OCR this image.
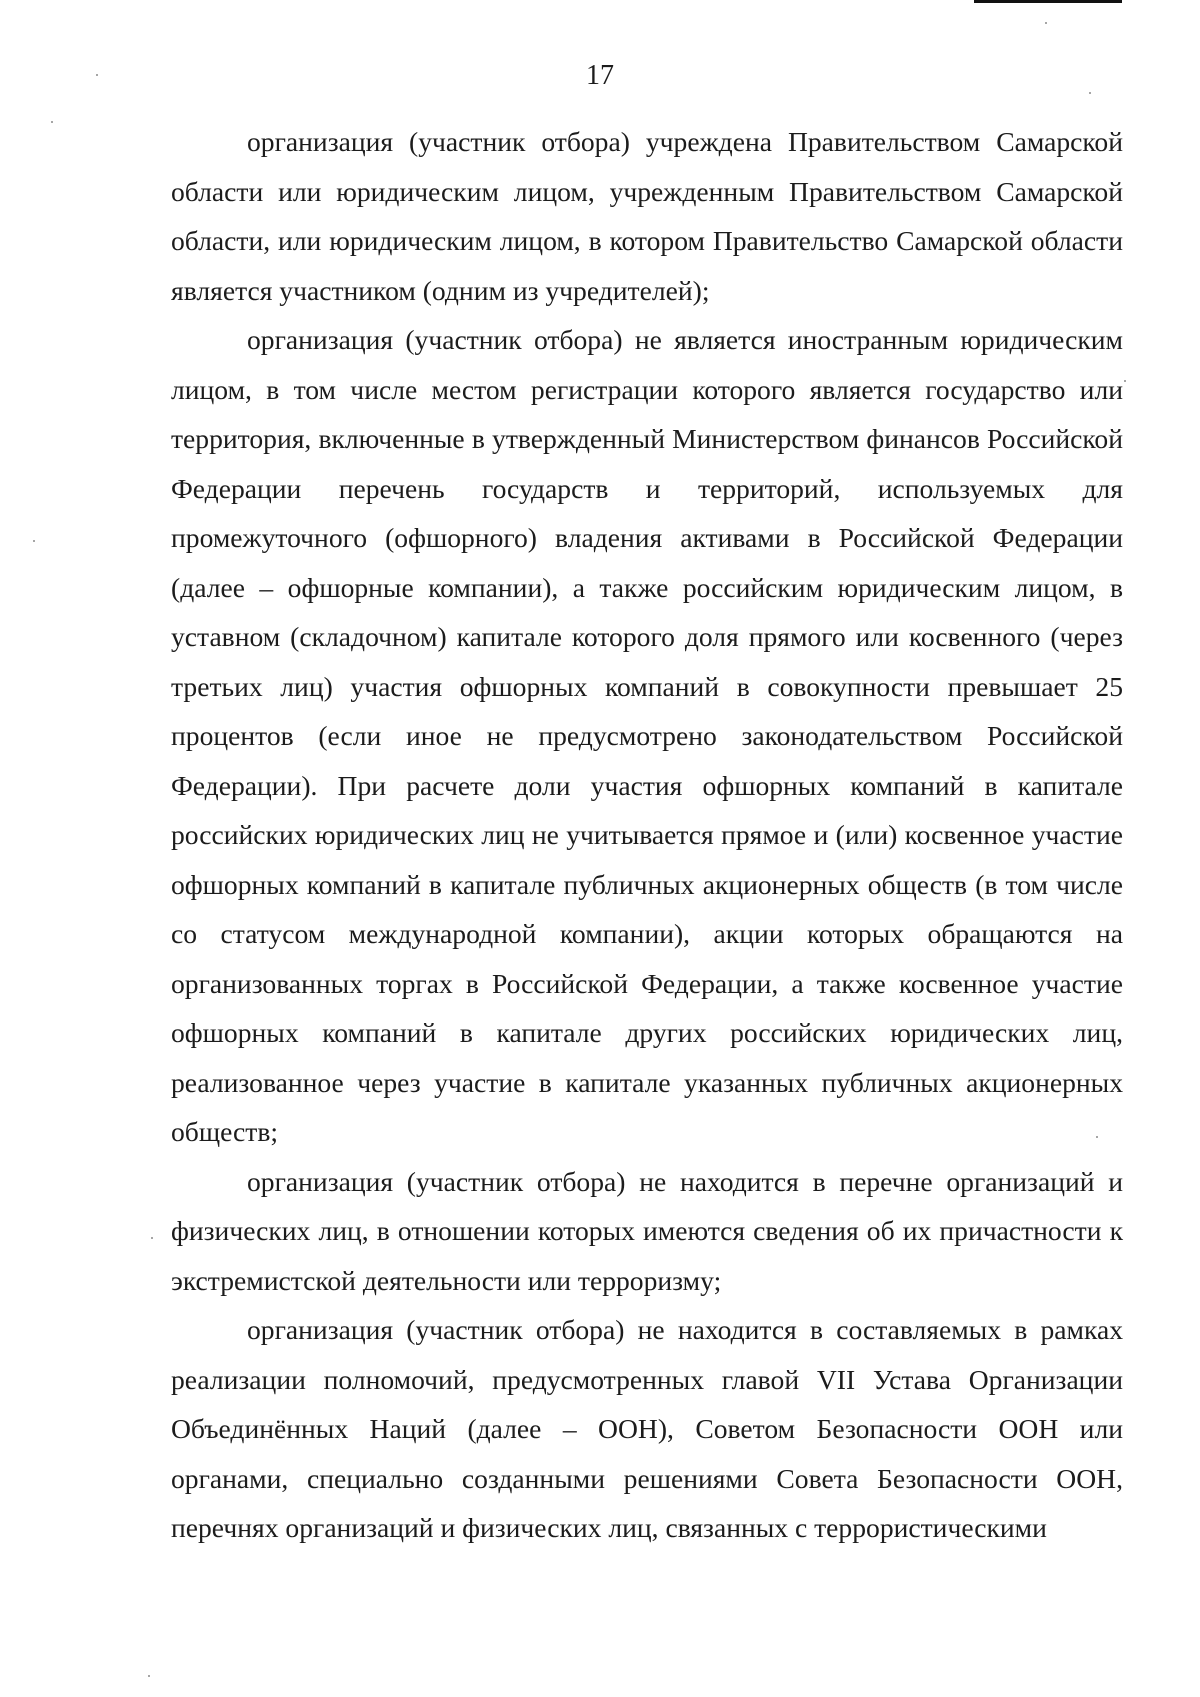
17

организация (участник отбора) учреждена Правительством Самарской области или юридическим лицом, учрежденным Правительством Самарской области, или юридическим лицом, в котором Правительство Самарской области является участником (одним из учредителей);

организация (участник отбора) не является иностранным юридическим лицом, в том числе местом регистрации которого является государство или территория, включенные в утвержденный Министерством финансов Российской Федерации перечень государств и территорий, используемых для промежуточного (офшорного) владения активами в Российской Федерации (далее – офшорные компании), а также российским юридическим лицом, в уставном (складочном) капитале которого доля прямого или косвенного (через третьих лиц) участия офшорных компаний в совокупности превышает 25 процентов (если иное не предусмотрено законодательством Российской Федерации). При расчете доли участия офшорных компаний в капитале российских юридических лиц не учитывается прямое и (или) косвенное участие офшорных компаний в капитале публичных акционерных обществ (в том числе со статусом международной компании), акции которых обращаются на организованных торгах в Российской Федерации, а также косвенное участие офшорных компаний в капитале других российских юридических лиц, реализованное через участие в капитале указанных публичных акционерных обществ;

организация (участник отбора) не находится в перечне организаций и физических лиц, в отношении которых имеются сведения об их причастности к экстремистской деятельности или терроризму;

организация (участник отбора) не находится в составляемых в рамках реализации полномочий, предусмотренных главой VII Устава Организации Объединённых Наций (далее – ООН), Советом Безопасности ООН или органами, специально созданными решениями Совета Безопасности ООН, перечнях организаций и физических лиц, связанных с террористическими
